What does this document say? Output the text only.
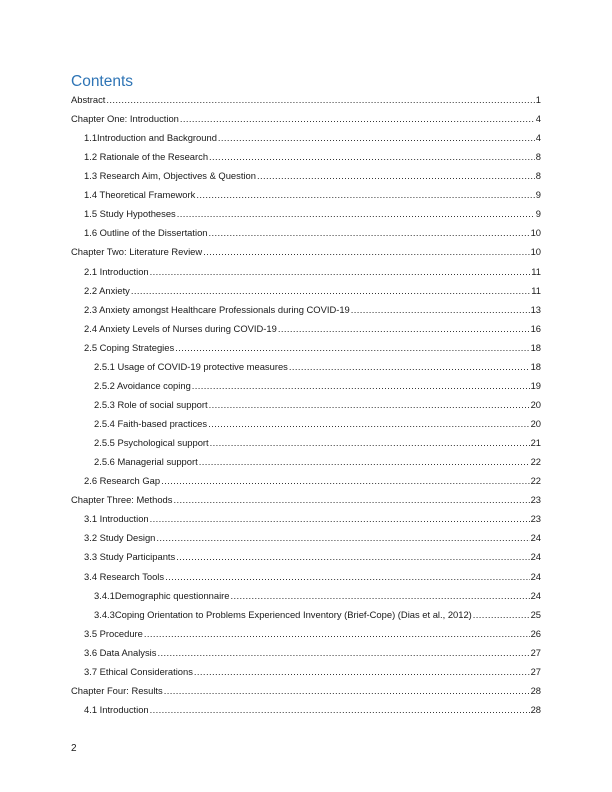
Contents
Abstract .....	1
Chapter One: Introduction .....	4
1.1Introduction and Background .....	4
1.2 Rationale of the Research .....	8
1.3 Research Aim, Objectives & Question .....	8
1.4 Theoretical Framework .....	9
1.5 Study Hypotheses .....	9
1.6 Outline of the Dissertation .....	10
Chapter Two: Literature Review .....	10
2.1 Introduction .....	11
2.2 Anxiety .....	11
2.3 Anxiety amongst Healthcare Professionals during COVID-19 .....	13
2.4 Anxiety Levels of Nurses during COVID-19 .....	16
2.5 Coping Strategies .....	18
2.5.1 Usage of COVID-19 protective measures .....	18
2.5.2 Avoidance coping .....	19
2.5.3 Role of social support .....	20
2.5.4 Faith-based practices .....	20
2.5.5 Psychological support .....	21
2.5.6 Managerial support .....	22
2.6 Research Gap .....	22
Chapter Three: Methods .....	23
3.1 Introduction .....	23
3.2 Study Design .....	24
3.3 Study Participants .....	24
3.4 Research Tools .....	24
3.4.1Demographic questionnaire .....	24
3.4.3Coping Orientation to Problems Experienced Inventory (Brief-Cope) (Dias et al., 2012) .....	25
3.5 Procedure .....	26
3.6 Data Analysis .....	27
3.7 Ethical Considerations .....	27
Chapter Four: Results .....	28
4.1 Introduction .....	28
2
